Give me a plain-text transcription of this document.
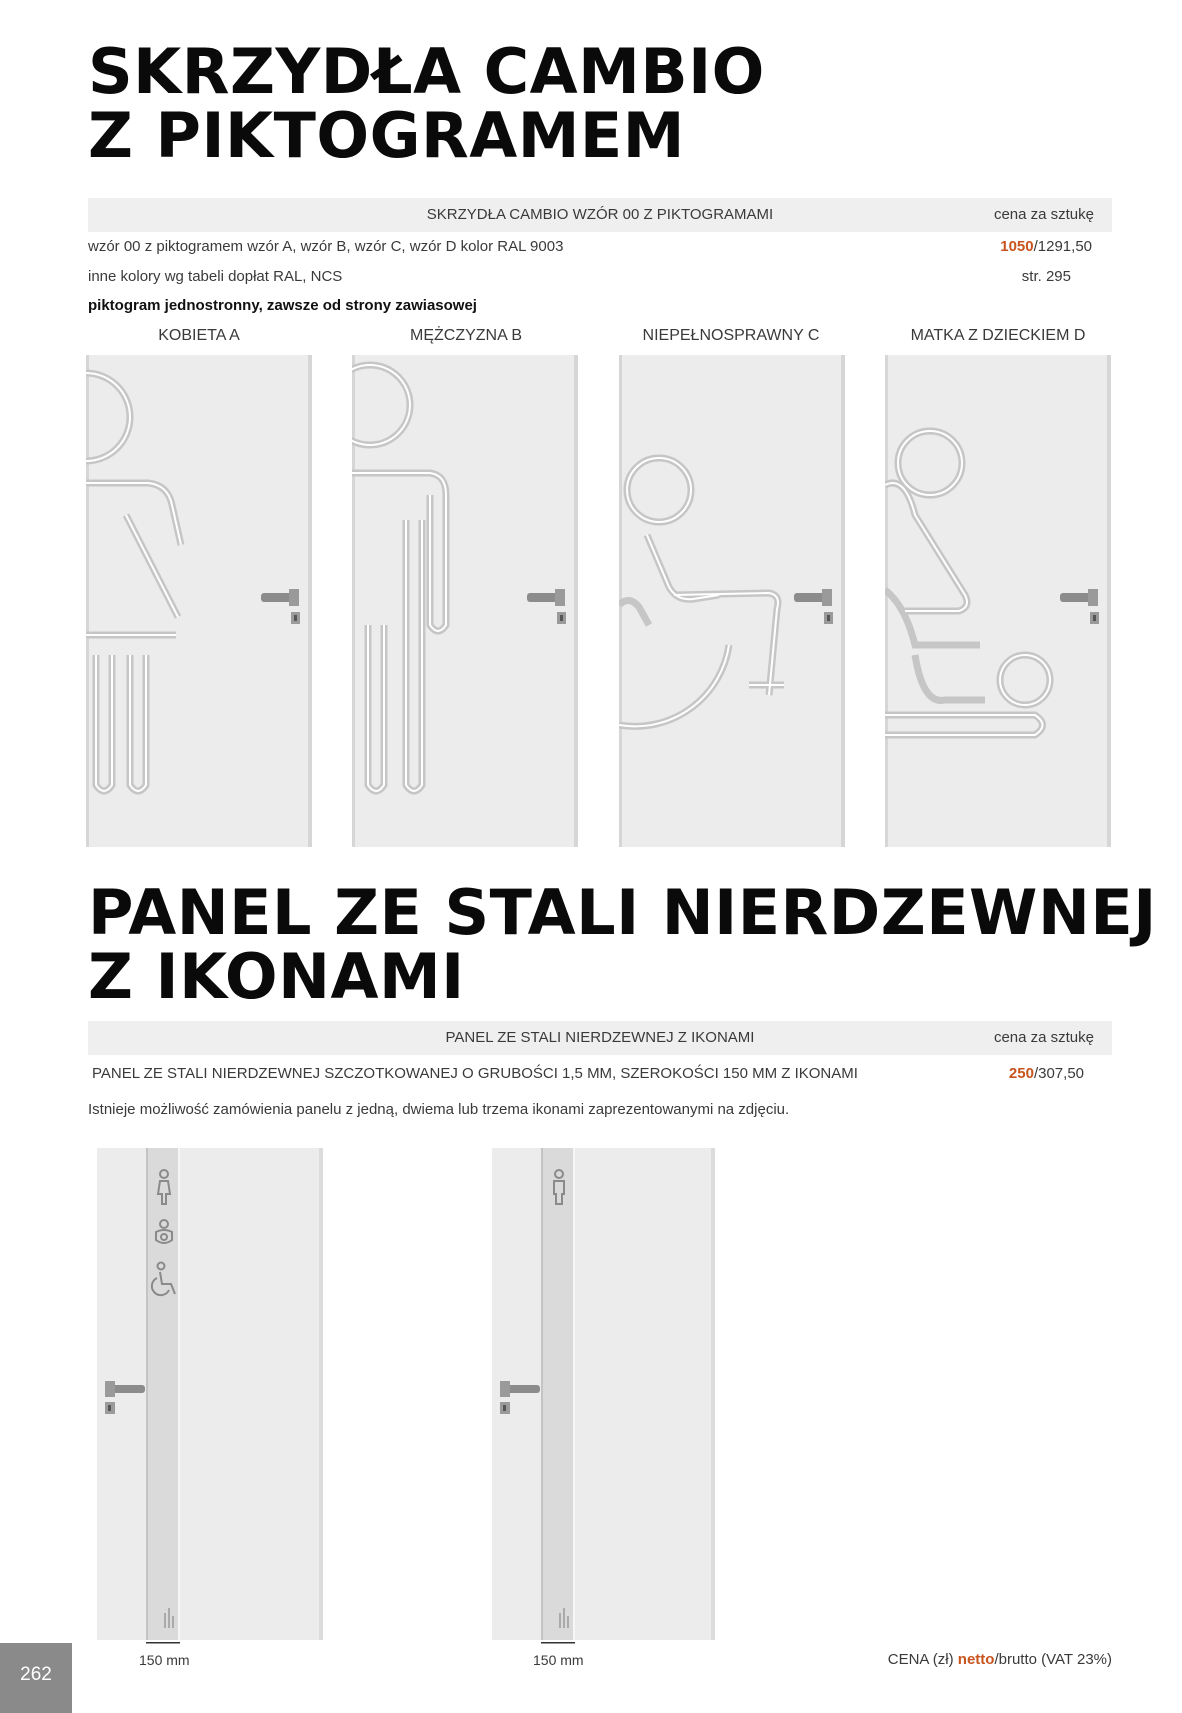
SKRZYDŁA CAMBIO
Z PIKTOGRAMEM
SKRZYDŁA CAMBIO WZÓR 00 Z PIKTOGRAMAMI	cena za sztukę
wzór 00 z piktogramem wzór A, wzór B, wzór C, wzór D kolor RAL 9003	1050/1291,50
inne kolory wg tabeli dopłat RAL, NCS	str. 295
piktogram jednostronny, zawsze od strony zawiasowej
KOBIETA A	MĘŻCZYZNA B	NIEPEŁNOSPRAWNY C	MATKA Z DZIECKIEM D
PANEL ZE STALI NIERDZEWNEJ
Z IKONAMI
PANEL ZE STALI NIERDZEWNEJ Z IKONAMI	cena za sztukę
PANEL ZE STALI NIERDZEWNEJ SZCZOTKOWANEJ O GRUBOŚCI 1,5 MM, SZEROKOŚCI 150 MM Z IKONAMI	250/307,50
Istnieje możliwość zamówienia panelu z jedną, dwiema lub trzema ikonami zaprezentowanymi na zdjęciu.
150 mm	150 mm
262
CENA (zł) netto/brutto (VAT 23%)
